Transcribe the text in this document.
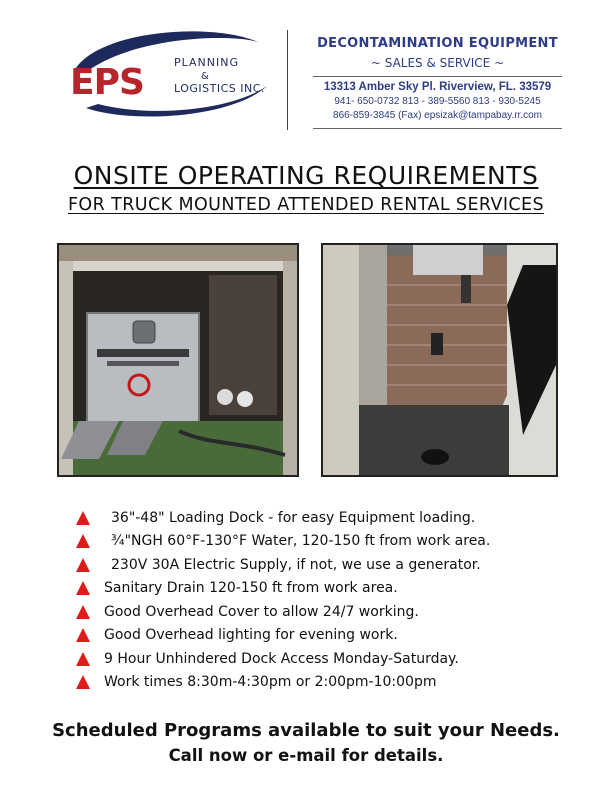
EPS	PLANNING
&
LOGISTICS INC.
DECONTAMINATION EQUIPMENT
~ SALES & SERVICE ~
13313 Amber Sky Pl. Riverview, FL. 33579
941- 650-0732 813 - 389-5560 813 - 930-5245
866-859-3845 (Fax) epsizak@tampabay.rr.com
ONSITE OPERATING REQUIREMENTS
FOR TRUCK MOUNTED ATTENDED RENTAL SERVICES
36"-48" Loading Dock - for easy Equipment loading.
¾"NGH 60°F-130°F Water, 120-150 ft from work area.
230V 30A Electric Supply, if not, we use a generator.
Sanitary Drain 120-150 ft from work area.
Good Overhead Cover to allow 24/7 working.
Good Overhead lighting for evening work.
9 Hour Unhindered Dock Access Monday-Saturday.
Work times 8:30m-4:30pm or 2:00pm-10:00pm
Scheduled Programs available to suit your Needs.
Call now or e-mail for details.
